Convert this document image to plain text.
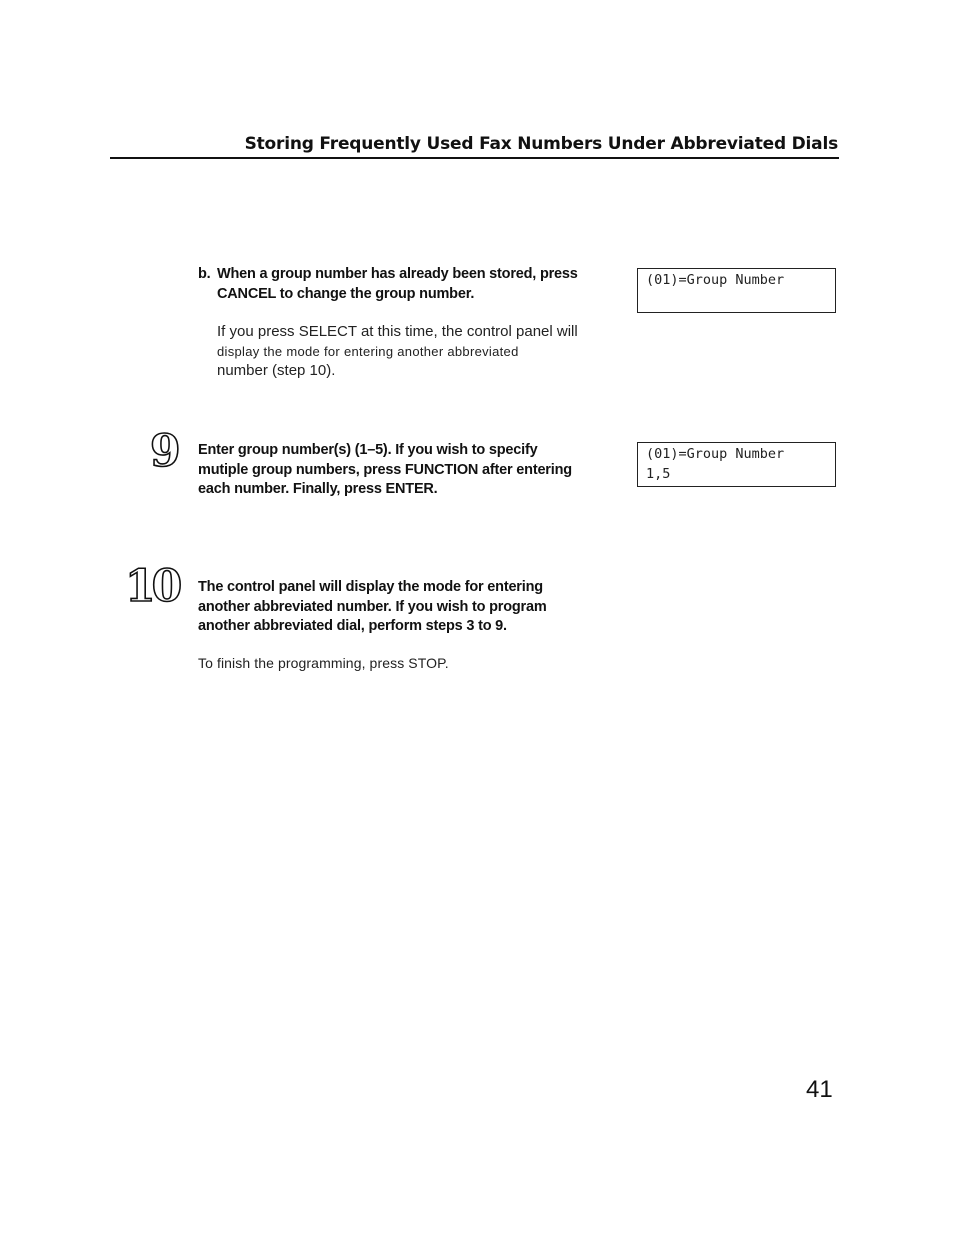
Storing Frequently Used Fax Numbers Under Abbreviated Dials
b. When a group number has already been stored, press
CANCEL to change the group number.
If you press SELECT at this time, the control panel will
display the mode for entering another abbreviated
number (step 10).
(01)=Group Number
9 Enter group number(s) (1–5). If you wish to specify
mutiple group numbers, press FUNCTION after entering
each number. Finally, press ENTER.
(01)=Group Number
1,5
10 The control panel will display the mode for entering
another abbreviated number. If you wish to program
another abbreviated dial, perform steps 3 to 9.
To finish the programming, press STOP.
41
